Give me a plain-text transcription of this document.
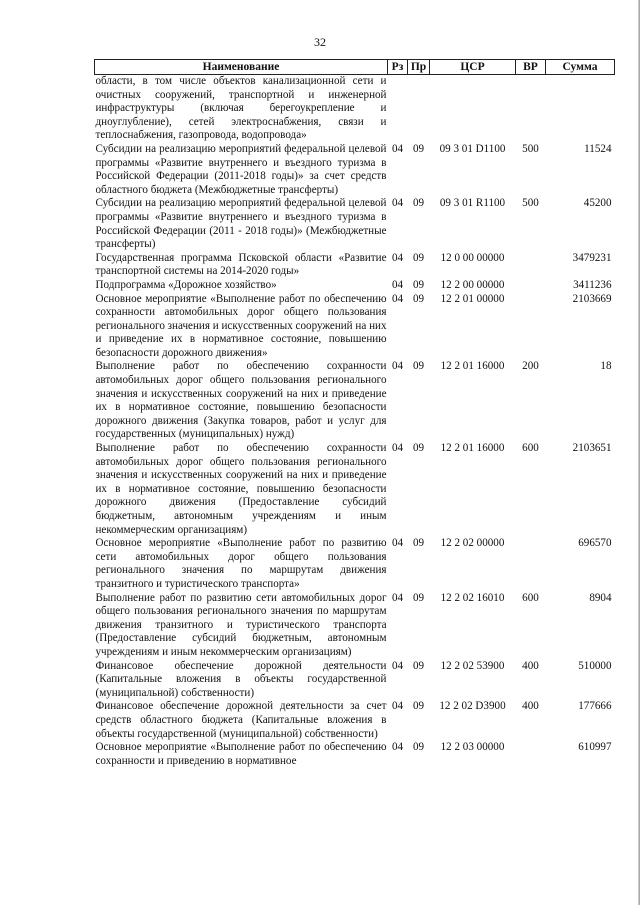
32
Наименование	Рз	Пр	ЦСР	ВР	Сумма
области, в том числе объектов канализационной сети и очистных сооружений, транспортной и инженерной инфраструктуры (включая берегоукрепление и дноуглубление), сетей электроснабжения, связи и теплоснабжения, газопровода, водопровода»					
Субсидии на реализацию мероприятий федеральной целевой программы «Развитие внутреннего и въездного туризма в Российской Федерации (2011-2018 годы)» за счет средств областного бюджета (Межбюджетные трансферты)	04	09	09 3 01 D1100	500	11524
Субсидии на реализацию мероприятий федеральной целевой программы «Развитие внутреннего и въездного туризма в Российской Федерации (2011 - 2018 годы)» (Межбюджетные трансферты)	04	09	09 3 01 R1100	500	45200
Государственная программа Псковской области «Развитие транспортной системы на 2014-2020 годы»	04	09	12 0 00 00000		3479231
Подпрограмма «Дорожное хозяйство»	04	09	12 2 00 00000		3411236
Основное мероприятие «Выполнение работ по обеспечению сохранности автомобильных дорог общего пользования регионального значения и искусственных сооружений на них и приведение их в нормативное состояние, повышению безопасности дорожного движения»	04	09	12 2 01 00000		2103669
Выполнение работ по обеспечению сохранности автомобильных дорог общего пользования регионального значения и искусственных сооружений на них и приведение их в нормативное состояние, повышению безопасности дорожного движения (Закупка товаров, работ и услуг для государственных (муниципальных) нужд)	04	09	12 2 01 16000	200	18
Выполнение работ по обеспечению сохранности автомобильных дорог общего пользования регионального значения и искусственных сооружений на них и приведение их в нормативное состояние, повышению безопасности дорожного движения (Предоставление субсидий бюджетным, автономным учреждениям и иным некоммерческим организациям)	04	09	12 2 01 16000	600	2103651
Основное мероприятие «Выполнение работ по развитию сети автомобильных дорог общего пользования регионального значения по маршрутам движения транзитного и туристического транспорта»	04	09	12 2 02 00000		696570
Выполнение работ по развитию сети автомобильных дорог общего пользования регионального значения по маршрутам движения транзитного и туристического транспорта (Предоставление субсидий бюджетным, автономным учреждениям и иным некоммерческим организациям)	04	09	12 2 02 16010	600	8904
Финансовое обеспечение дорожной деятельности (Капитальные вложения в объекты государственной (муниципальной) собственности)	04	09	12 2 02 53900	400	510000
Финансовое обеспечение дорожной деятельности за счет средств областного бюджета (Капитальные вложения в объекты государственной (муниципальной) собственности)	04	09	12 2 02 D3900	400	177666
Основное мероприятие «Выполнение работ по обеспечению сохранности и приведению в нормативное	04	09	12 2 03 00000		610997
